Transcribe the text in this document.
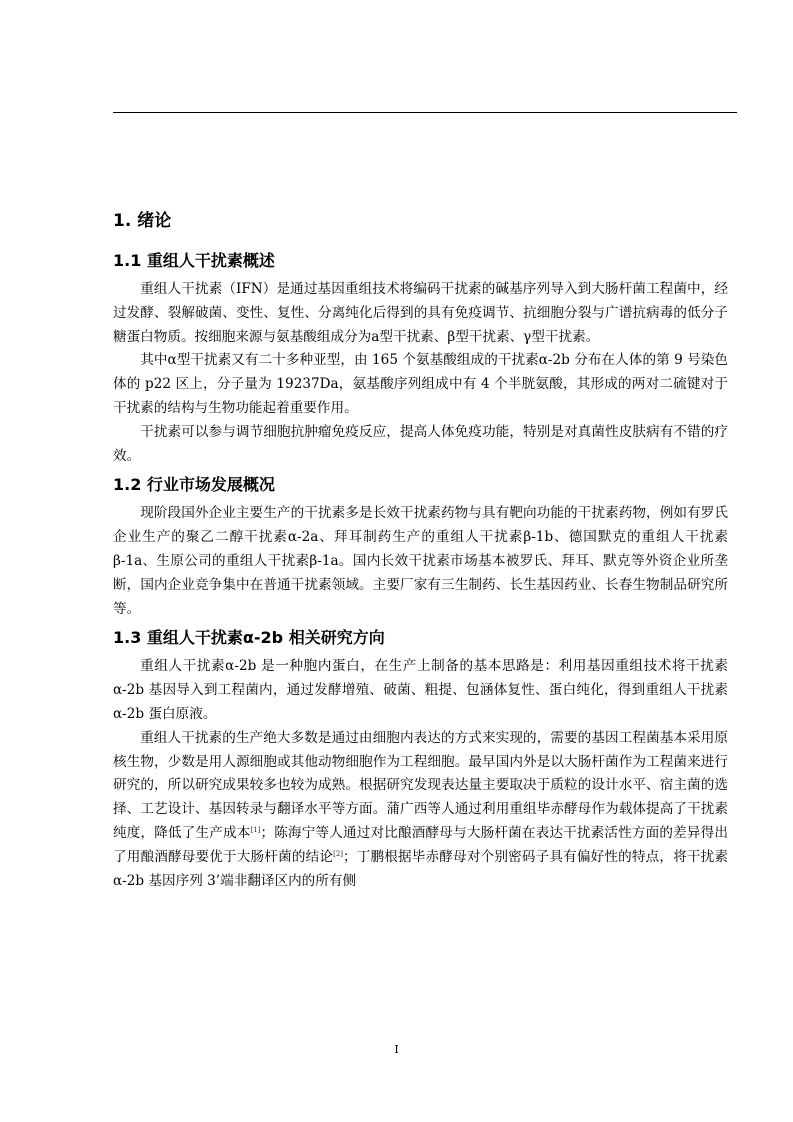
1. 绪论
1.1 重组人干扰素概述

重组人干扰素（IFN）是通过基因重组技术将编码干扰素的碱基序列导入到大肠杆菌工程菌中，经过发酵、裂解破菌、变性、复性、分离纯化后得到的具有免疫调节、抗细胞分裂与广谱抗病毒的低分子糖蛋白物质。按细胞来源与氨基酸组成分为a型干扰素、β型干扰素、γ型干扰素。

其中α型干扰素又有二十多种亚型，由 165 个氨基酸组成的干扰素α-2b 分布在人体的第 9 号染色体的 p22 区上，分子量为 19237Da，氨基酸序列组成中有 4 个半胱氨酸，其形成的两对二硫键对于干扰素的结构与生物功能起着重要作用。

干扰素可以参与调节细胞抗肿瘤免疫反应，提高人体免疫功能，特别是对真菌性皮肤病有不错的疗效。

1.2 行业市场发展概况

现阶段国外企业主要生产的干扰素多是长效干扰素药物与具有靶向功能的干扰素药物，例如有罗氏企业生产的聚乙二醇干扰素α-2a、拜耳制药生产的重组人干扰素β-1b、德国默克的重组人干扰素β-1a、生原公司的重组人干扰素β-1a。国内长效干扰素市场基本被罗氏、拜耳、默克等外资企业所垄断，国内企业竞争集中在普通干扰素领域。主要厂家有三生制药、长生基因药业、长春生物制品研究所等。

1.3 重组人干扰素α-2b 相关研究方向

重组人干扰素α-2b 是一种胞内蛋白，在生产上制备的基本思路是：利用基因重组技术将干扰素α-2b 基因导入到工程菌内，通过发酵增殖、破菌、粗提、包涵体复性、蛋白纯化，得到重组人干扰素α-2b 蛋白原液。

重组人干扰素的生产绝大多数是通过由细胞内表达的方式来实现的，需要的基因工程菌基本采用原核生物，少数是用人源细胞或其他动物细胞作为工程细胞。最早国内外是以大肠杆菌作为工程菌来进行研究的，所以研究成果较多也较为成熟。根据研究发现表达量主要取决于质粒的设计水平、宿主菌的选择、工艺设计、基因转录与翻译水平等方面。蒲广西等人通过利用重组毕赤酵母作为载体提高了干扰素纯度，降低了生产成本[1]；陈海宁等人通过对比酿酒酵母与大肠杆菌在表达干扰素活性方面的差异得出了用酿酒酵母要优于大肠杆菌的结论[2]；丁鹏根据毕赤酵母对个别密码子具有偏好性的特点，将干扰素α-2b 基因序列 3’端非翻译区内的所有侧

I
